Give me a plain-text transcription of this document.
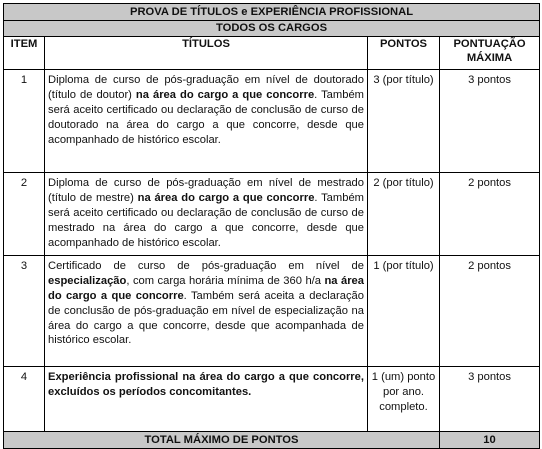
PROVA DE TÍTULOS e EXPERIÊNCIA PROFISSIONAL			
TODOS OS CARGOS			
ITEM	TÍTULOS	PONTOS	PONTUAÇÃO
MÁXIMA
1	Diploma de curso de pós-graduação em nível de doutorado (título de doutor) na área do cargo a que concorre. Também será aceito certificado ou declaração de conclusão de curso de doutorado na área do cargo a que concorre, desde que acompanhado de histórico escolar.	3 (por título)	3 pontos
2	Diploma de curso de pós-graduação em nível de mestrado (título de mestre) na área do cargo a que concorre. Também será aceito certificado ou declaração de conclusão de curso de mestrado na área do cargo a que concorre, desde que acompanhado de histórico escolar.	2 (por título)	2 pontos
3	Certificado de curso de pós-graduação em nível de especialização, com carga horária mínima de 360 h/a na área do cargo a que concorre. Também será aceita a declaração de conclusão de pós-graduação em nível de especialização na área do cargo a que concorre, desde que acompanhada de histórico escolar.	1 (por título)	2 pontos
4	Experiência profissional na área do cargo a que concorre, excluídos os períodos concomitantes.	1 (um) ponto por ano. completo.	3 pontos
TOTAL MÁXIMO DE PONTOS			10
